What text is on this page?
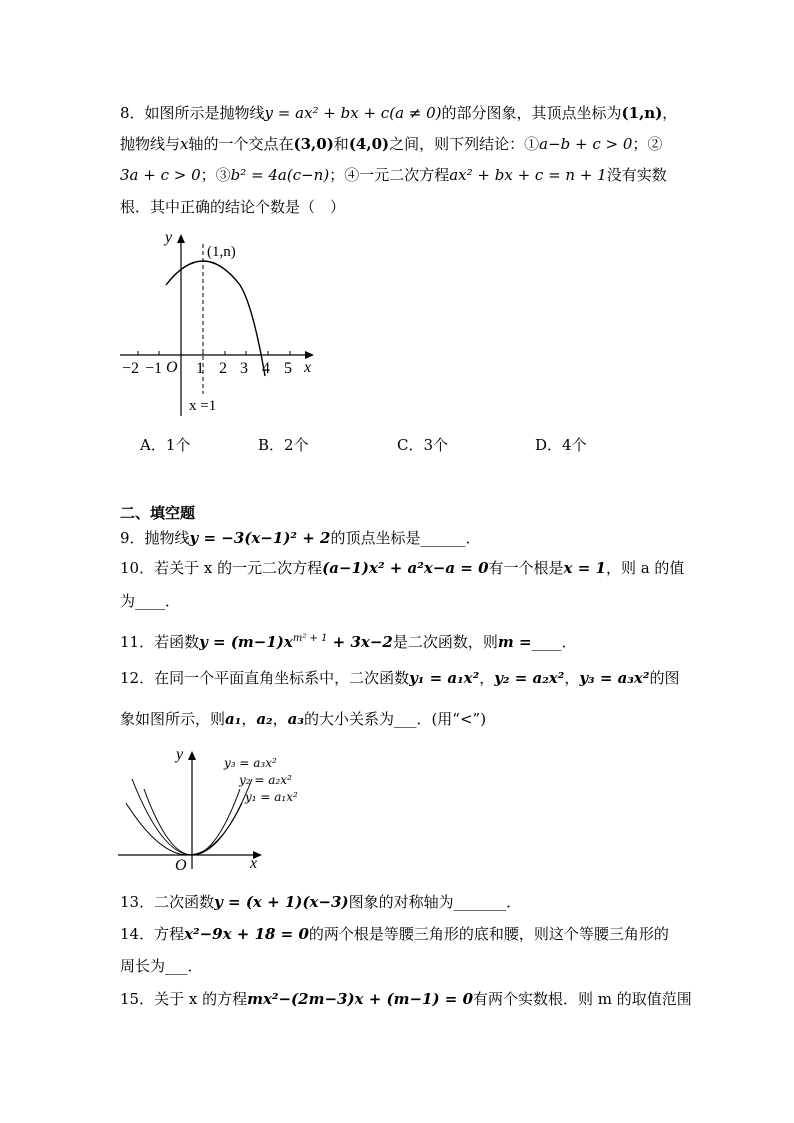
8．如图所示是抛物线y = ax² + bx + c(a ≠ 0)的部分图象，其顶点坐标为(1,n)，
抛物线与x轴的一个交点在(3,0)和(4,0)之间，则下列结论：①a−b + c > 0；②
3a + c > 0；③b² = 4a(c−n)；④一元二次方程ax² + bx + c = n + 1没有实数
根．其中正确的结论个数是（　）
y
x
O
(1,n)
x =1
−2 −1 1 2 3 4 5
A．1个	B．2个	C．3个	D．4个
二、填空题
9．抛物线y = −3(x−1)² + 2的顶点坐标是______．
10．若关于 x 的一元二次方程(a−1)x² + a²x−a = 0有一个根是x = 1，则 a 的值
为____．
11．若函数$y = (m-1)x^{m^2 + 1} + 3x-2$是二次函数，则m =____．
12．在同一个平面直角坐标系中，二次函数y₁ = a₁x²，y₂ = a₂x²，y₃ = a₃x²的图
象如图所示，则a₁，a₂，a₃的大小关系为___．(用“<”)
y
x
O
y₃ = a₃x²
y₂ = a₂x²
y₁ = a₁x²
13．二次函数y = (x + 1)(x−3)图象的对称轴为_______．
14．方程x²−9x + 18 = 0的两个根是等腰三角形的底和腰，则这个等腰三角形的
周长为___．
15．关于 x 的方程mx²−(2m−3)x + (m−1) = 0有两个实数根．则 m 的取值范围
